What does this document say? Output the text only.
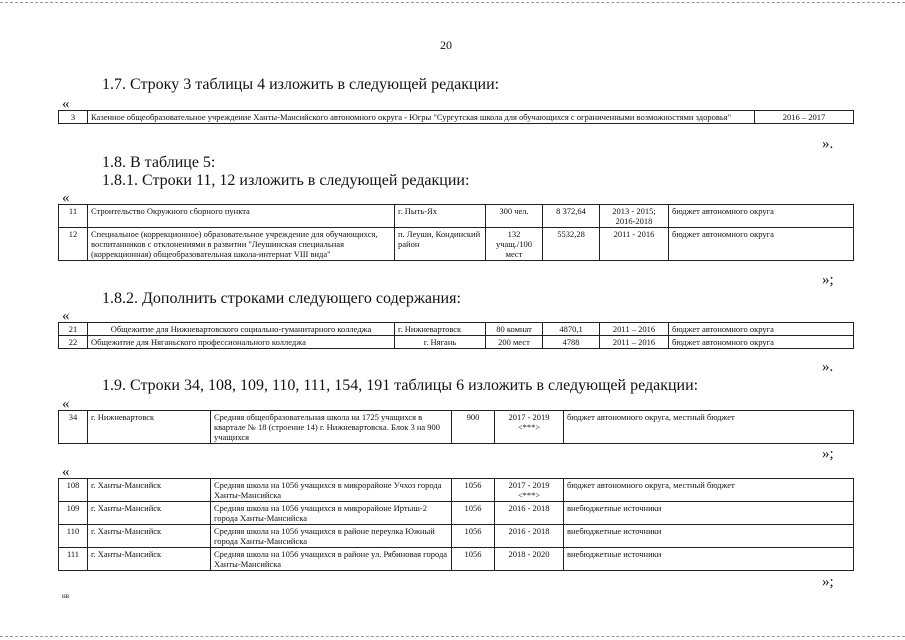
20
1.7. Строку 3 таблицы 4 изложить в следующей редакции:
«
3	Казенное общеобразовательное учреждение Ханты-Мансийского автономного округа - Югры "Сургутская школа для обучающихся с ограниченными возможностями здоровья"	2016 – 2017
».
1.8. В таблице 5:
1.8.1. Строки 11, 12 изложить в следующей редакции:
«
11	Строительство Окружного сборного пункта	г. Пыть-Ях	300 чел.	8 372,64	2013 - 2015; 2016-2018	бюджет автономного округа
12	Специальное (коррекционное) образовательное учреждение для обучающихся, воспитанников с отклонениями в развитии "Леушинская специальная (коррекционная) общеобразовательная школа-интернат VIII вида"	п. Леуши, Кондинский район	132 учащ./100 мест	5532,28	2011 - 2016	бюджет автономного округа
»;
1.8.2. Дополнить строками следующего содержания:
«
21	Общежитие для Нижневартовского социально-гуманитарного колледжа	г. Нижневартовск	80 комнат	4870,1	2011 – 2016	бюджет автономного округа
22	Общежитие для Няганьского профессионального колледжа	г. Нягань	200 мест	4788	2011 – 2016	бюджет автономного округа
».
1.9. Строки 34, 108, 109, 110, 111, 154, 191 таблицы 6 изложить в следующей редакции:
«
34	г. Нижневартовск	Средняя общеобразовательная школа на 1725 учащихся в квартале № 18 (строение 14) г. Нижневартовска. Блок 3 на 900 учащихся	900	2017 - 2019 <***>	бюджет автономного округа, местный бюджет
»;
«
108	г. Ханты-Мансийск	Средняя школа на 1056 учащихся в микрорайоне Учхоз города Ханты-Мансийска	1056	2017 - 2019 <***>	бюджет автономного округа, местный бюджет
109	г. Ханты-Мансийск	Средняя школа на 1056 учащихся в микрорайоне Иртыш-2 города Ханты-Мансийска	1056	2016 - 2018	внебюджетные источники
110	г. Ханты-Мансийск	Средняя школа на 1056 учащихся в районе переулка Южный города Ханты-Мансийска	1056	2016 - 2018	внебюджетные источники
111	г. Ханты-Мансийск	Средняя школа на 1056 учащихся в районе ул. Рябиновая города Ханты-Мансийска	1056	2018 - 2020	внебюджетные источники
»;
нв
